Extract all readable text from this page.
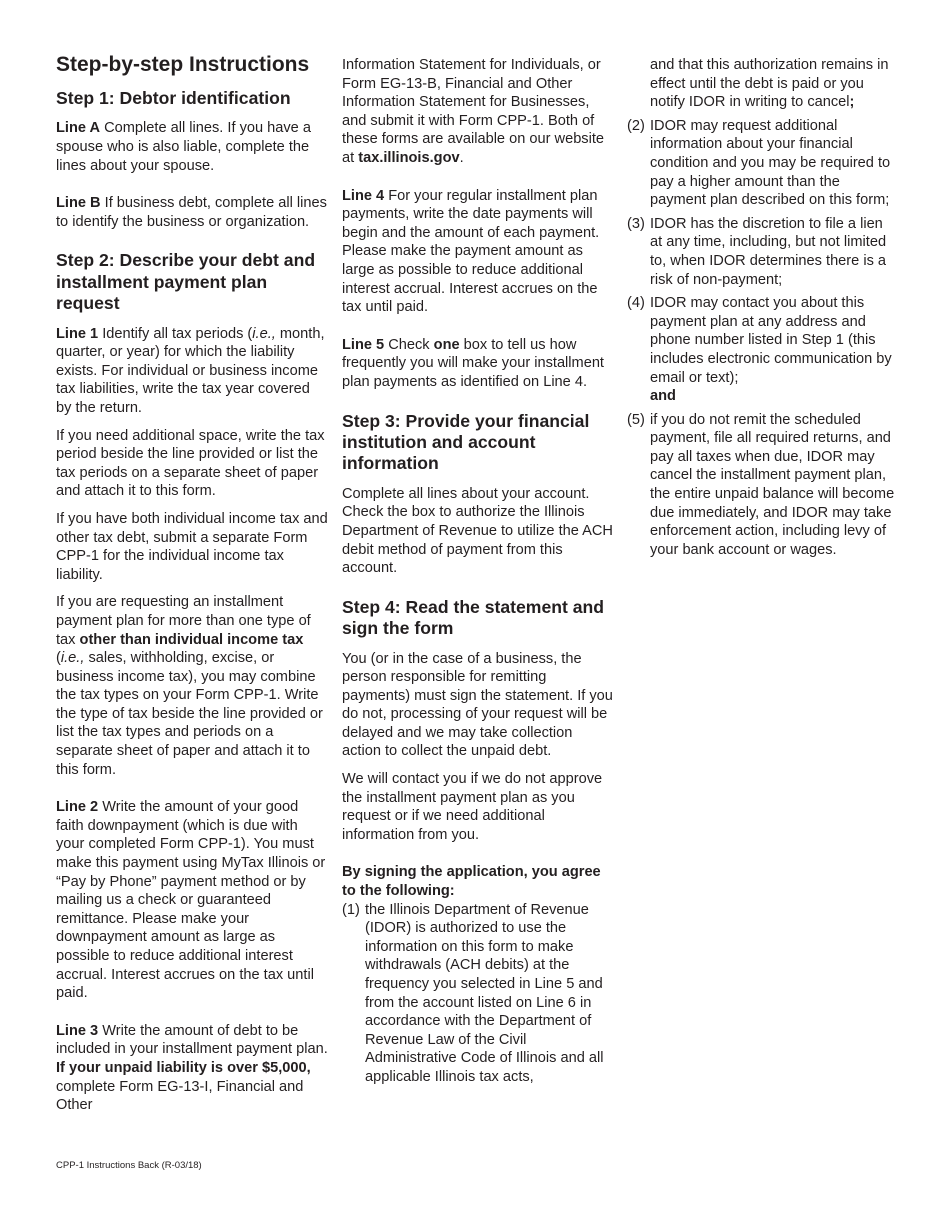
Step-by-step Instructions
Step 1: Debtor identification

Line A Complete all lines. If you have a spouse who is also liable, complete the lines about your spouse.

Line B If business debt, complete all lines to identify the business or organization.

Step 2: Describe your debt and installment payment plan request

Line 1 Identify all tax periods (i.e., month, quarter, or year) for which the liability exists. For individual or business income tax liabilities, write the tax year covered by the return.

If you need additional space, write the tax period beside the line provided or list the tax periods on a separate sheet of paper and attach it to this form.

If you have both individual income tax and other tax debt, submit a separate Form CPP-1 for the individual income tax liability.

If you are requesting an installment payment plan for more than one type of tax other than individual income tax (i.e., sales, withholding, excise, or business income tax), you may combine the tax types on your Form CPP-1. Write the type of tax beside the line provided or list the tax types and periods on a separate sheet of paper and attach it to this form.

Line 2 Write the amount of your good faith downpayment (which is due with your completed Form CPP-1). You must make this payment using MyTax Illinois or “Pay by Phone” payment method or by mailing us a check or guaranteed remittance. Please make your downpayment amount as large as possible to reduce additional interest accrual. Interest accrues on the tax until paid.

Line 3 Write the amount of debt to be included in your installment payment plan. If your unpaid liability is over $5,000, complete Form EG-13-I, Financial and Other

Information Statement for Individuals, or Form EG-13-B, Financial and Other Information Statement for Businesses, and submit it with Form CPP-1. Both of these forms are available on our website at tax.illinois.gov.

Line 4 For your regular installment plan payments, write the date payments will begin and the amount of each payment. Please make the payment amount as large as possible to reduce additional interest accrual. Interest accrues on the tax until paid.

Line 5 Check one box to tell us how frequently you will make your installment plan payments as identified on Line 4.

Step 3: Provide your financial institution and account information

Complete all lines about your account. Check the box to authorize the Illinois Department of Revenue to utilize the ACH debit method of payment from this account.

Step 4: Read the statement and sign the form

You (or in the case of a business, the person responsible for remitting payments) must sign the statement. If you do not, processing of your request will be delayed and we may take collection action to collect the unpaid debt.

We will contact you if we do not approve the installment payment plan as you request or if we need additional information from you.

By signing the application, you agree to the following:

(1) the Illinois Department of Revenue (IDOR) is authorized to use the information on this form to make withdrawals (ACH debits) at the frequency you selected in Line 5 and from the account listed on Line 6 in accordance with the Department of Revenue Law of the Civil Administrative Code of Illinois and all applicable Illinois tax acts,
and that this authorization remains in effect until the debt is paid or you notify IDOR in writing to cancel;
(2) IDOR may request additional information about your financial condition and you may be required to pay a higher amount than the payment plan described on this form;
(3) IDOR has the discretion to file a lien at any time, including, but not limited to, when IDOR determines there is a risk of non-payment;
(4) IDOR may contact you about this payment plan at any address and phone number listed in Step 1 (this includes electronic communication by email or text);
and
(5) if you do not remit the scheduled payment, file all required returns, and pay all taxes when due, IDOR may cancel the installment payment plan, the entire unpaid balance will become due immediately, and IDOR may take enforcement action, including levy of your bank account or wages.
CPP-1 Instructions Back (R-03/18)
